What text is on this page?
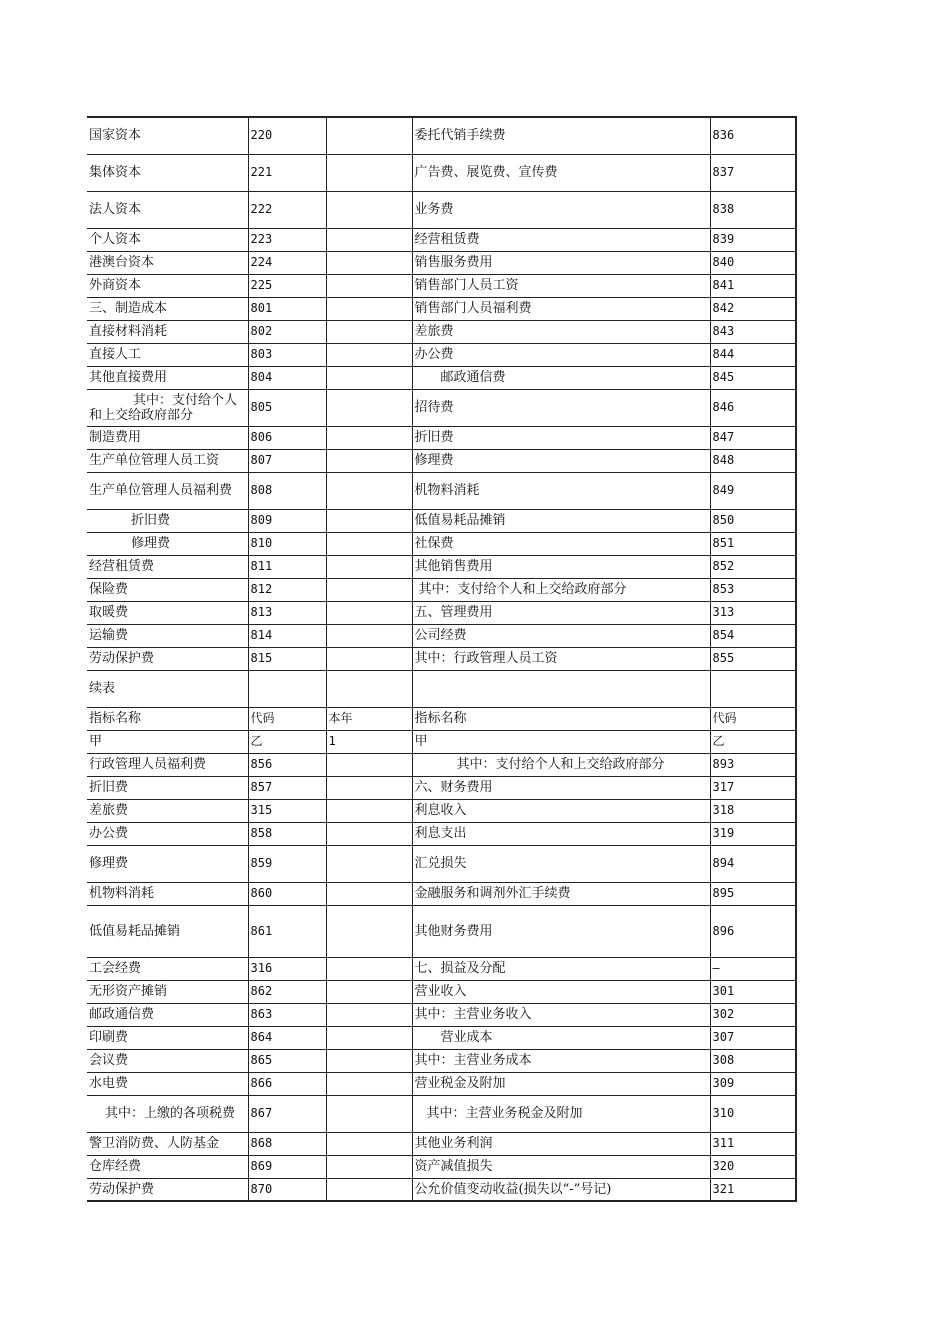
国家资本	220		委托代销手续费	836
集体资本	221		广告费、展览费、宣传费	837
法人资本	222		业务费	838
个人资本	223		经营租赁费	839
港澳台资本	224		销售服务费用	840
外商资本	225		销售部门人员工资	841
三、制造成本	801		销售部门人员福利费	842
直接材料消耗	802		差旅费	843
直接人工	803		办公费	844
其他直接费用	804		邮政通信费	845
其中：支付给个人和上交给政府部分	805		招待费	846
制造费用	806		折旧费	847
生产单位管理人员工资	807		修理费	848
生产单位管理人员福利费	808		机物料消耗	849
折旧费	809		低值易耗品摊销	850
修理费	810		社保费	851
经营租赁费	811		其他销售费用	852
保险费	812		其中：支付给个人和上交给政府部分	853
取暖费	813		五、管理费用	313
运输费	814		公司经费	854
劳动保护费	815		其中：行政管理人员工资	855
续表				
指标名称	代码	本年	指标名称	代码
甲	乙	1	甲	乙
行政管理人员福利费	856		其中：支付给个人和上交给政府部分	893
折旧费	857		六、财务费用	317
差旅费	315		利息收入	318
办公费	858		利息支出	319
修理费	859		汇兑损失	894
机物料消耗	860		金融服务和调剂外汇手续费	895
低值易耗品摊销	861		其他财务费用	896
工会经费	316		七、损益及分配	—
无形资产摊销	862		营业收入	301
邮政通信费	863		其中：主营业务收入	302
印刷费	864		营业成本	307
会议费	865		其中：主营业务成本	308
水电费	866		营业税金及附加	309
其中：上缴的各项税费	867		其中：主营业务税金及附加	310
警卫消防费、人防基金	868		其他业务利润	311
仓库经费	869		资产减值损失	320
劳动保护费	870		公允价值变动收益(损失以“-”号记)	321
